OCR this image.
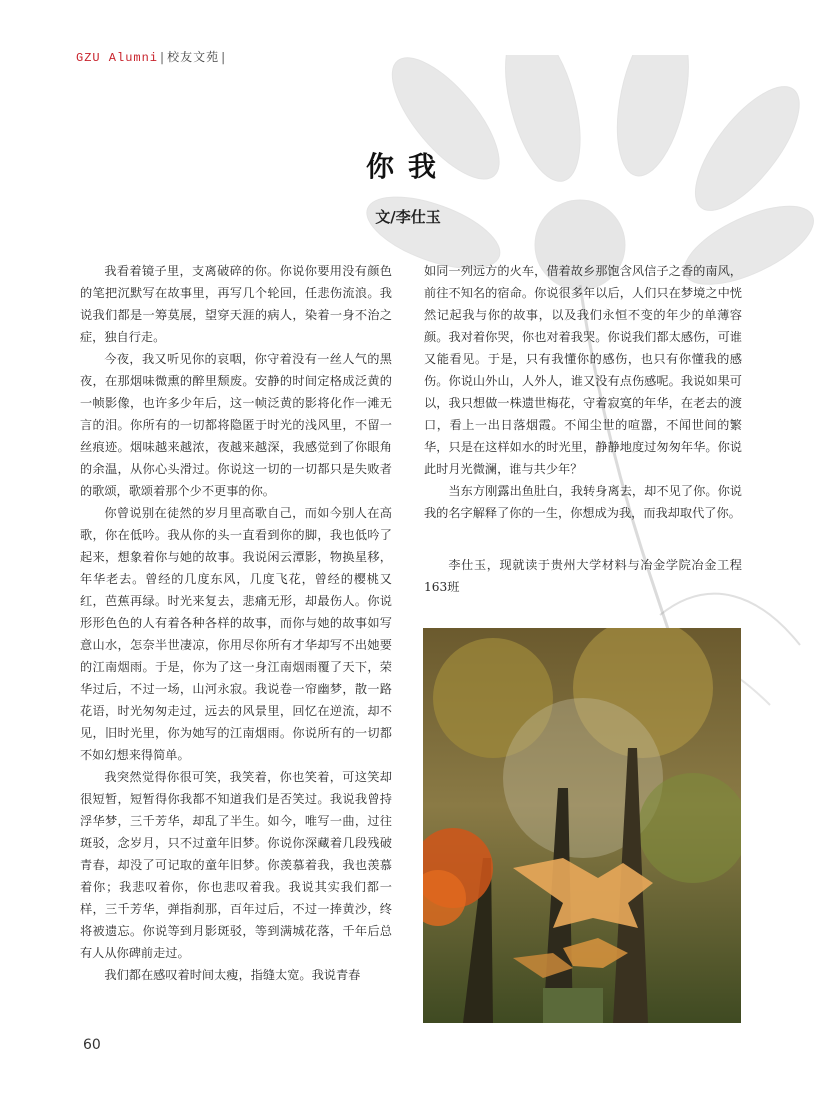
GZU Alumni | 校友文苑 |
你我
文/李仕玉

我看着镜子里，支离破碎的你。你说你要用没有颜色的笔把沉默写在故事里，再写几个轮回，任悲伤流浪。我说我们都是一筹莫展，望穿天涯的病人，染着一身不治之症，独自行走。

今夜，我又听见你的哀咽，你守着没有一丝人气的黑夜，在那烟味微熏的醉里颓废。安静的时间定格成泛黄的一帧影像，也许多少年后，这一帧泛黄的影将化作一滩无言的泪。你所有的一切都将隐匿于时光的浅风里，不留一丝痕迹。烟味越来越浓，夜越来越深，我感觉到了你眼角的余温，从你心头滑过。你说这一切的一切都只是失败者的歌颂，歌颂着那个少不更事的你。

你曾说别在徒然的岁月里高歌自己，而如今别人在高歌，你在低吟。我从你的头一直看到你的脚，我也低吟了起来，想象着你与她的故事。我说闲云潭影，物换星移，年华老去。曾经的几度东风，几度飞花，曾经的樱桃又红，芭蕉再绿。时光来复去，悲痛无形，却最伤人。你说形形色色的人有着各种各样的故事，而你与她的故事如写意山水，怎奈半世凄凉，你用尽你所有才华却写不出她要的江南烟雨。于是，你为了这一身江南烟雨覆了天下，荣华过后，不过一场，山河永寂。我说卷一帘幽梦，散一路花语，时光匆匆走过，远去的风景里，回忆在逆流，却不见，旧时光里，你为她写的江南烟雨。你说所有的一切都不如幻想来得简单。

我突然觉得你很可笑，我笑着，你也笑着，可这笑却很短暂，短暂得你我都不知道我们是否笑过。我说我曾持浮华梦，三千芳华，却乱了半生。如今，唯写一曲，过往斑驳，念岁月，只不过童年旧梦。你说你深藏着几段残破青春，却没了可记取的童年旧梦。你羡慕着我，我也羡慕着你；我悲叹着你，你也悲叹着我。我说其实我们都一样，三千芳华，弹指刹那，百年过后，不过一捧黄沙，终将被遗忘。你说等到月影斑驳，等到满城花落，千年后总有人从你碑前走过。

我们都在感叹着时间太瘦，指缝太宽。我说青春

如同一列远方的火车，借着故乡那饱含风信子之香的南风，前往不知名的宿命。你说很多年以后，人们只在梦境之中恍然记起我与你的故事，以及我们永恒不变的年少的单薄容颜。我对着你哭，你也对着我哭。你说我们都太感伤，可谁又能看见。于是，只有我懂你的感伤，也只有你懂我的感伤。你说山外山，人外人，谁又没有点伤感呢。我说如果可以，我只想做一株遗世梅花，守着寂寞的年华，在老去的渡口，看上一出日落烟霞。不闻尘世的喧嚣，不闻世间的繁华，只是在这样如水的时光里，静静地度过匆匆年华。你说此时月光微澜，谁与共少年？

当东方刚露出鱼肚白，我转身离去，却不见了你。你说我的名字解释了你的一生，你想成为我，而我却取代了你。

李仕玉，现就读于贵州大学材料与冶金学院冶金工程163班

60
